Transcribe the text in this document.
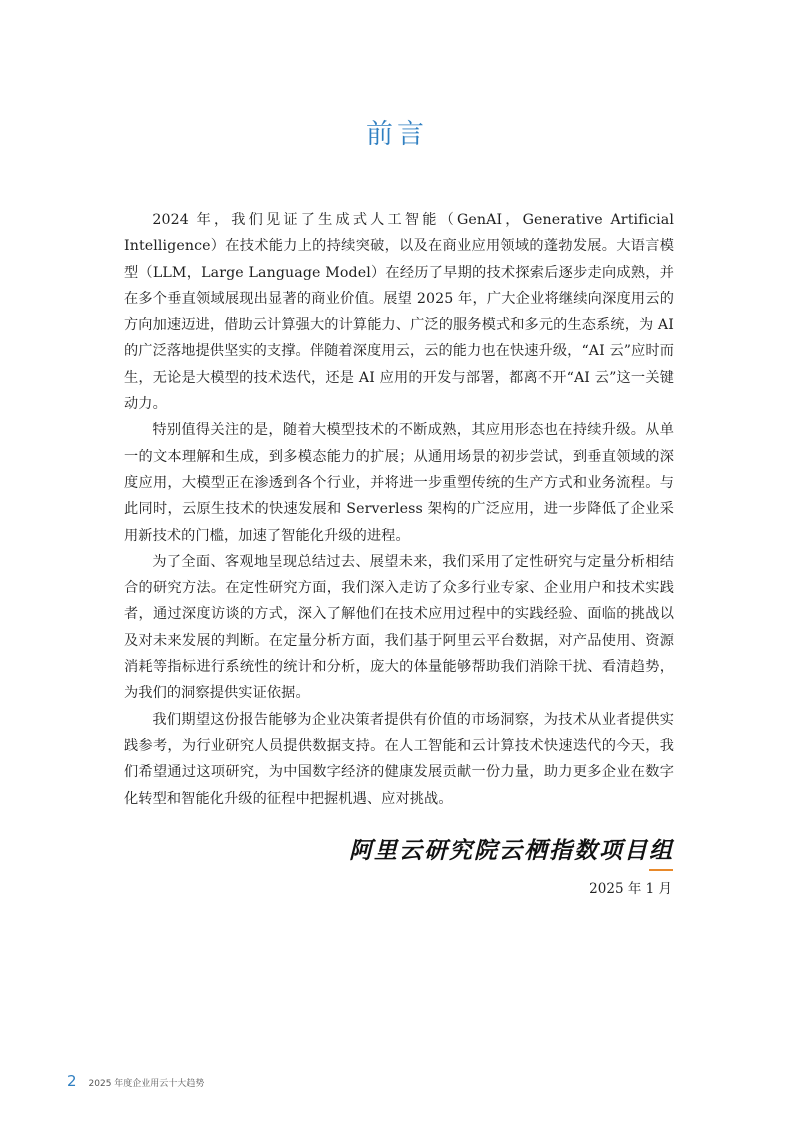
前言

2024 年，我们见证了生成式人工智能（GenAI，Generative Artificial Intelligence）在技术能力上的持续突破，以及在商业应用领域的蓬勃发展。大语言模型（LLM，Large Language Model）在经历了早期的技术探索后逐步走向成熟，并在多个垂直领域展现出显著的商业价值。展望 2025 年，广大企业将继续向深度用云的方向加速迈进，借助云计算强大的计算能力、广泛的服务模式和多元的生态系统，为 AI 的广泛落地提供坚实的支撑。伴随着深度用云，云的能力也在快速升级，“AI 云”应时而生，无论是大模型的技术迭代，还是 AI 应用的开发与部署，都离不开“AI 云”这一关键动力。

特别值得关注的是，随着大模型技术的不断成熟，其应用形态也在持续升级。从单一的文本理解和生成，到多模态能力的扩展；从通用场景的初步尝试，到垂直领域的深度应用，大模型正在渗透到各个行业，并将进一步重塑传统的生产方式和业务流程。与此同时，云原生技术的快速发展和 Serverless 架构的广泛应用，进一步降低了企业采用新技术的门槛，加速了智能化升级的进程。

为了全面、客观地呈现总结过去、展望未来，我们采用了定性研究与定量分析相结合的研究方法。在定性研究方面，我们深入走访了众多行业专家、企业用户和技术实践者，通过深度访谈的方式，深入了解他们在技术应用过程中的实践经验、面临的挑战以及对未来发展的判断。在定量分析方面，我们基于阿里云平台数据，对产品使用、资源消耗等指标进行系统性的统计和分析，庞大的体量能够帮助我们消除干扰、看清趋势，为我们的洞察提供实证依据。

我们期望这份报告能够为企业决策者提供有价值的市场洞察，为技术从业者提供实践参考，为行业研究人员提供数据支持。在人工智能和云计算技术快速迭代的今天，我们希望通过这项研究，为中国数字经济的健康发展贡献一份力量，助力更多企业在数字化转型和智能化升级的征程中把握机遇、应对挑战。

阿里云研究院云栖指数项目组
2025 年 1 月
2 2025 年度企业用云十大趋势
